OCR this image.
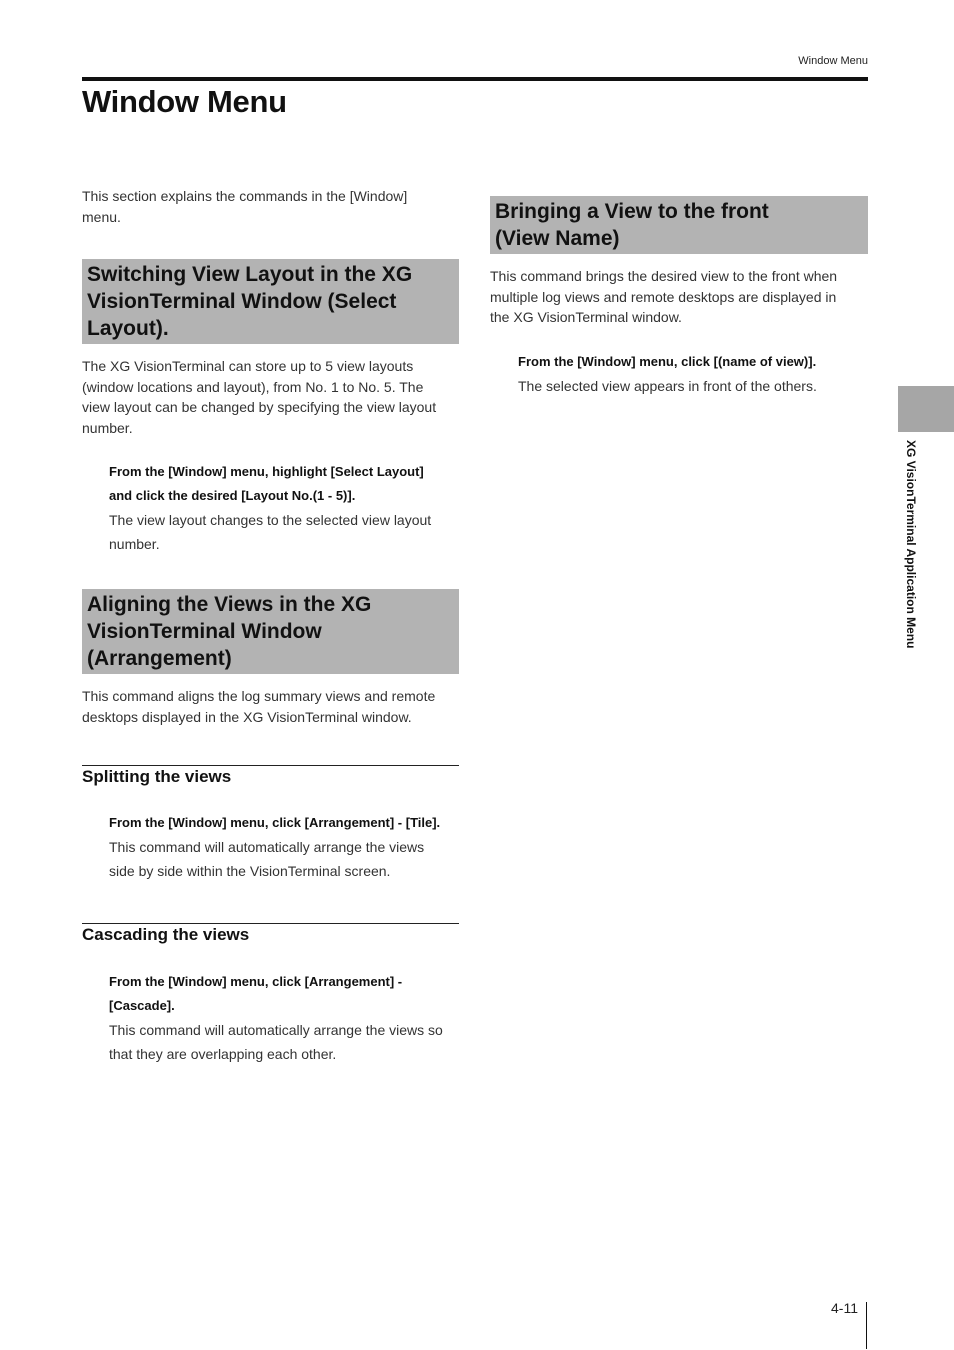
Window Menu
Window Menu

This section explains the commands in the [Window]
menu.

Switching View Layout in the XG
VisionTerminal Window (Select
Layout).

The XG VisionTerminal can store up to 5 view layouts
(window locations and layout), from No. 1 to No. 5. The
view layout can be changed by specifying the view layout
number.

From the [Window] menu, highlight [Select Layout]
and click the desired [Layout No.(1 - 5)].

The view layout changes to the selected view layout
number.

Aligning the Views in the XG
VisionTerminal Window
(Arrangement)

This command aligns the log summary views and remote
desktops displayed in the XG VisionTerminal window.

Splitting the views

From the [Window] menu, click [Arrangement] - [Tile].

This command will automatically arrange the views
side by side within the VisionTerminal screen.

Cascading the views

From the [Window] menu, click [Arrangement] -
[Cascade].

This command will automatically arrange the views so
that they are overlapping each other.

Bringing a View to the front
(View Name)

This command brings the desired view to the front when
multiple log views and remote desktops are displayed in
the XG VisionTerminal window.

From the [Window] menu, click [(name of view)].

The selected view appears in front of the others.

XG VisionTerminal Application Menu
4-11
